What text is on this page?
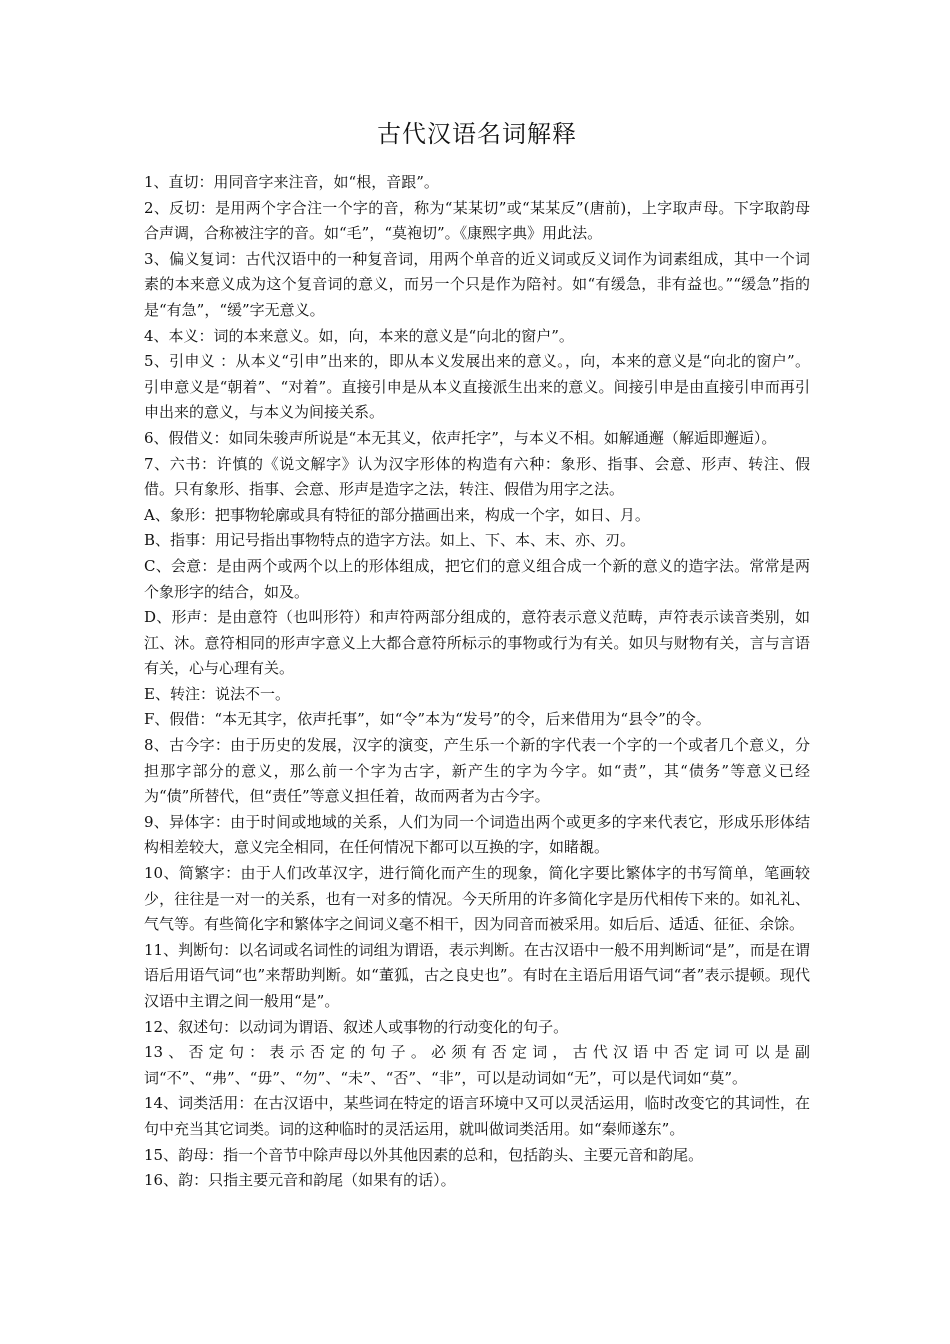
古代汉语名词解释

1、直切：用同音字来注音，如“根，音跟”。

2、反切：是用两个字合注一个字的音，称为“某某切”或“某某反”(唐前)，上字取声母。下字取韵母合声调，合称被注字的音。如“毛”，“莫袍切”。《康熙字典》用此法。

3、偏义复词：古代汉语中的一种复音词，用两个单音的近义词或反义词作为词素组成，其中一个词素的本来意义成为这个复音词的意义，而另一个只是作为陪衬。如“有缓急，非有益也。”“缓急”指的是“有急”，“缓”字无意义。

4、本义：词的本来意义。如，向，本来的意义是“向北的窗户”。

5、引申义 ：从本义“引申”出来的，即从本义发展出来的意义。，向，本来的意义是“向北的窗户”。引申意义是“朝着”、“对着”。直接引申是从本义直接派生出来的意义。间接引申是由直接引申而再引申出来的意义，与本义为间接关系。

6、假借义：如同朱骏声所说是“本无其义，依声托字”，与本义不相。如解通邂（解逅即邂逅）。

7、六书：许慎的《说文解字》认为汉字形体的构造有六种：象形、指事、会意、形声、转注、假借。只有象形、指事、会意、形声是造字之法，转注、假借为用字之法。

A、象形：把事物轮廓或具有特征的部分描画出来，构成一个字，如日、月。

B、指事：用记号指出事物特点的造字方法。如上、下、本、末、亦、刃。

C、会意：是由两个或两个以上的形体组成，把它们的意义组合成一个新的意义的造字法。常常是两个象形字的结合，如及。

D、形声：是由意符（也叫形符）和声符两部分组成的，意符表示意义范畴，声符表示读音类别，如江、沐。意符相同的形声字意义上大都合意符所标示的事物或行为有关。如贝与财物有关，言与言语有关，心与心理有关。

E、转注：说法不一。

F、假借：“本无其字，依声托事”，如“令”本为“发号”的令，后来借用为“县令”的令。

8、古今字：由于历史的发展，汉字的演变，产生乐一个新的字代表一个字的一个或者几个意义，分担那字部分的意义，那么前一个字为古字，新产生的字为今字。如“责”，其“债务”等意义已经为“债”所替代，但“责任”等意义担任着，故而两者为古今字。

9、异体字：由于时间或地域的关系，人们为同一个词造出两个或更多的字来代表它，形成乐形体结构相差较大，意义完全相同，在任何情况下都可以互换的字，如睹覩。

10、简繁字：由于人们改革汉字，进行简化而产生的现象，简化字要比繁体字的书写简单，笔画较少，往往是一对一的关系，也有一对多的情况。今天所用的许多简化字是历代相传下来的。如礼礼、气气等。有些简化字和繁体字之间词义毫不相干，因为同音而被采用。如后后、适适、征征、余馀。

11、判断句：以名词或名词性的词组为谓语，表示判断。在古汉语中一般不用判断词“是”，而是在谓语后用语气词“也”来帮助判断。如“董狐，古之良史也”。有时在主语后用语气词“者”表示提顿。现代汉语中主谓之间一般用“是”。

12、叙述句：以动词为谓语、叙述人或事物的行动变化的句子。

13、否定句：表示否定的句子。必须有否定词，古代汉语中否定词可以是副词“不”、“弗”、“毋”、“勿”、“未”、“否”、“非”，可以是动词如“无”，可以是代词如“莫”。

14、词类活用：在古汉语中，某些词在特定的语言环境中又可以灵活运用，临时改变它的其词性，在句中充当其它词类。词的这种临时的灵活运用，就叫做词类活用。如“秦师遂东”。

15、韵母：指一个音节中除声母以外其他因素的总和，包括韵头、主要元音和韵尾。

16、韵：只指主要元音和韵尾（如果有的话）。
